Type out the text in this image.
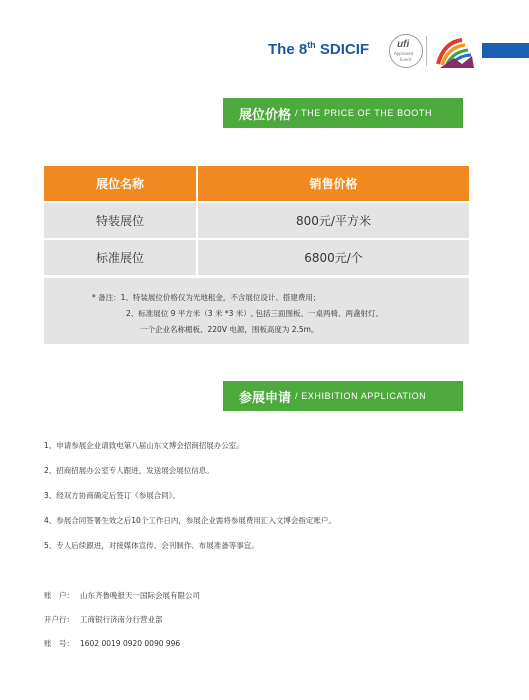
The 8th SDICIF	ufi
Approved
Event
展位价格 / THE PRICE OF THE BOOTH
展位名称	销售价格
特装展位	800元/平方米
标准展位	6800元/个
* 备注：1、特装展位价格仅为光地租金，不含展位设计、搭建费用；
2、标准展位 9 平方米（3 米 *3 米）, 包括三面围板、一桌两椅、两盏射灯、
一个企业名称楣板、220V 电源，围板高度为 2.5m。
参展申请 / EXHIBITION APPLICATION
1、申请参展企业请致电第八届山东文博会招商招展办公室。
2、招商招展办公室专人跟进，发送展会展位信息。
3、经双方协商确定后签订《参展合同》。
4、参展合同签署生效之后10个工作日内，参展企业需将参展费用汇入文博会指定账户。
5、专人后续跟进，对接媒体宣传、会刊制作、布展准备等事宜。
账　户： 山东齐鲁晚报天一国际会展有限公司
开户行： 工商银行济南分行营业部
账　号： 1602 0019 0920 0090 996
